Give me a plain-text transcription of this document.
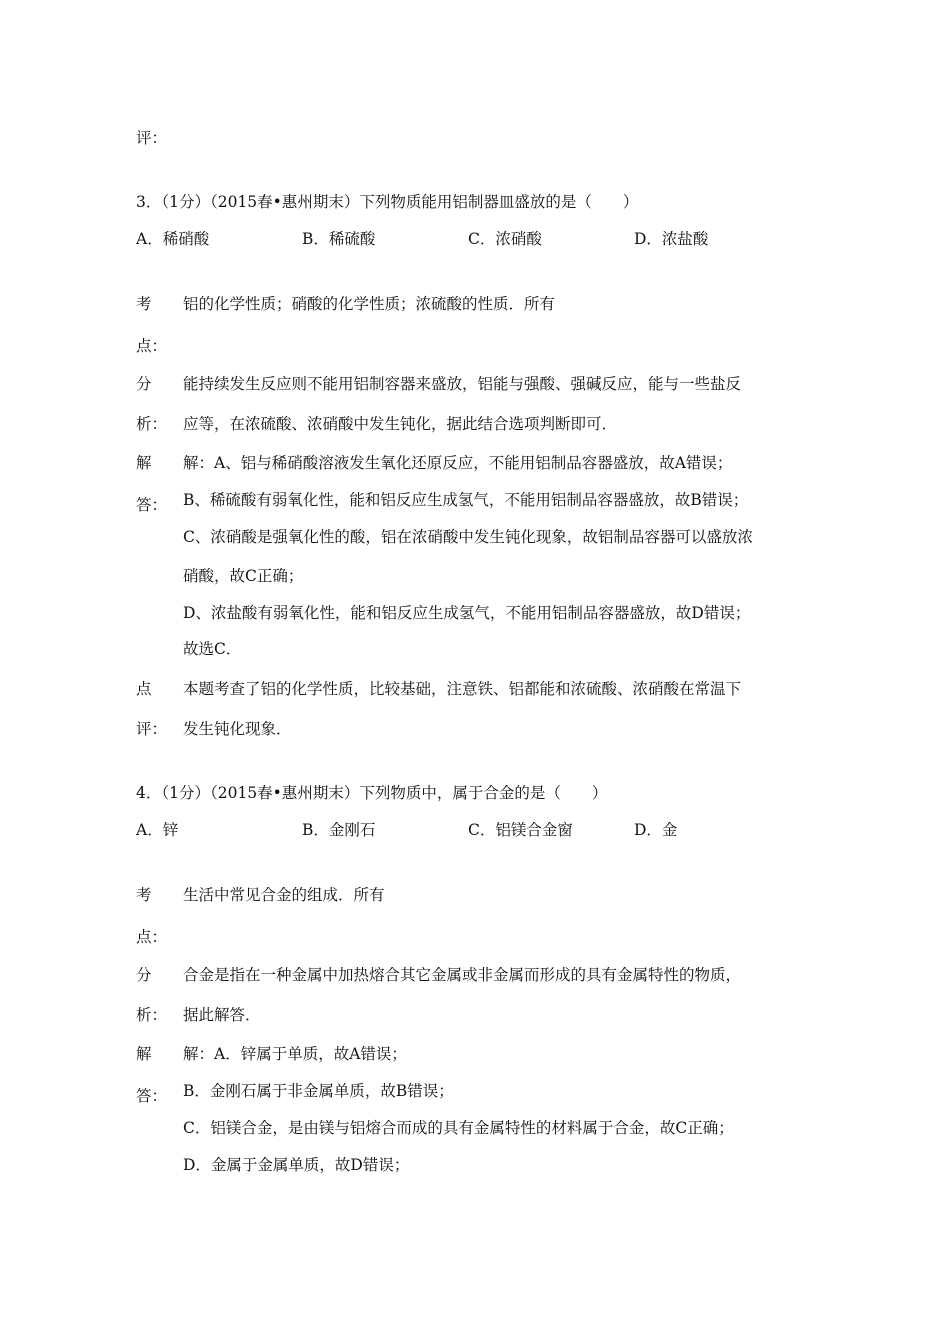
评：
3．（1分）（2015春•惠州期末）下列物质能用铝制器皿盛放的是（　　）
A．稀硝酸	B．稀硫酸	C．浓硝酸	D．浓盐酸
考 铝的化学性质；硝酸的化学性质；浓硫酸的性质．所有
点：
分 能持续发生反应则不能用铝制容器来盛放，铝能与强酸、强碱反应，能与一些盐反
析： 应等，在浓硫酸、浓硝酸中发生钝化，据此结合选项判断即可．
解
答：
解：A、铝与稀硝酸溶液发生氧化还原反应，不能用铝制品容器盛放，故A错误；
B、稀硫酸有弱氧化性，能和铝反应生成氢气，不能用铝制品容器盛放，故B错误；
C、浓硝酸是强氧化性的酸，铝在浓硝酸中发生钝化现象，故铝制品容器可以盛放浓
硝酸，故C正确；
D、浓盐酸有弱氧化性，能和铝反应生成氢气，不能用铝制品容器盛放，故D错误；
故选C．
点 本题考查了铝的化学性质，比较基础，注意铁、铝都能和浓硫酸、浓硝酸在常温下
评： 发生钝化现象．
4．（1分）（2015春•惠州期末）下列物质中，属于合金的是（　　）
A．锌	B．金刚石	C．铝镁合金窗	D．金
考 生活中常见合金的组成．所有
点：
分 合金是指在一种金属中加热熔合其它金属或非金属而形成的具有金属特性的物质，
析： 据此解答．
解
答：
解：A．锌属于单质，故A错误；
B．金刚石属于非金属单质，故B错误；
C．铝镁合金，是由镁与铝熔合而成的具有金属特性的材料属于合金，故C正确；
D．金属于金属单质，故D错误；
